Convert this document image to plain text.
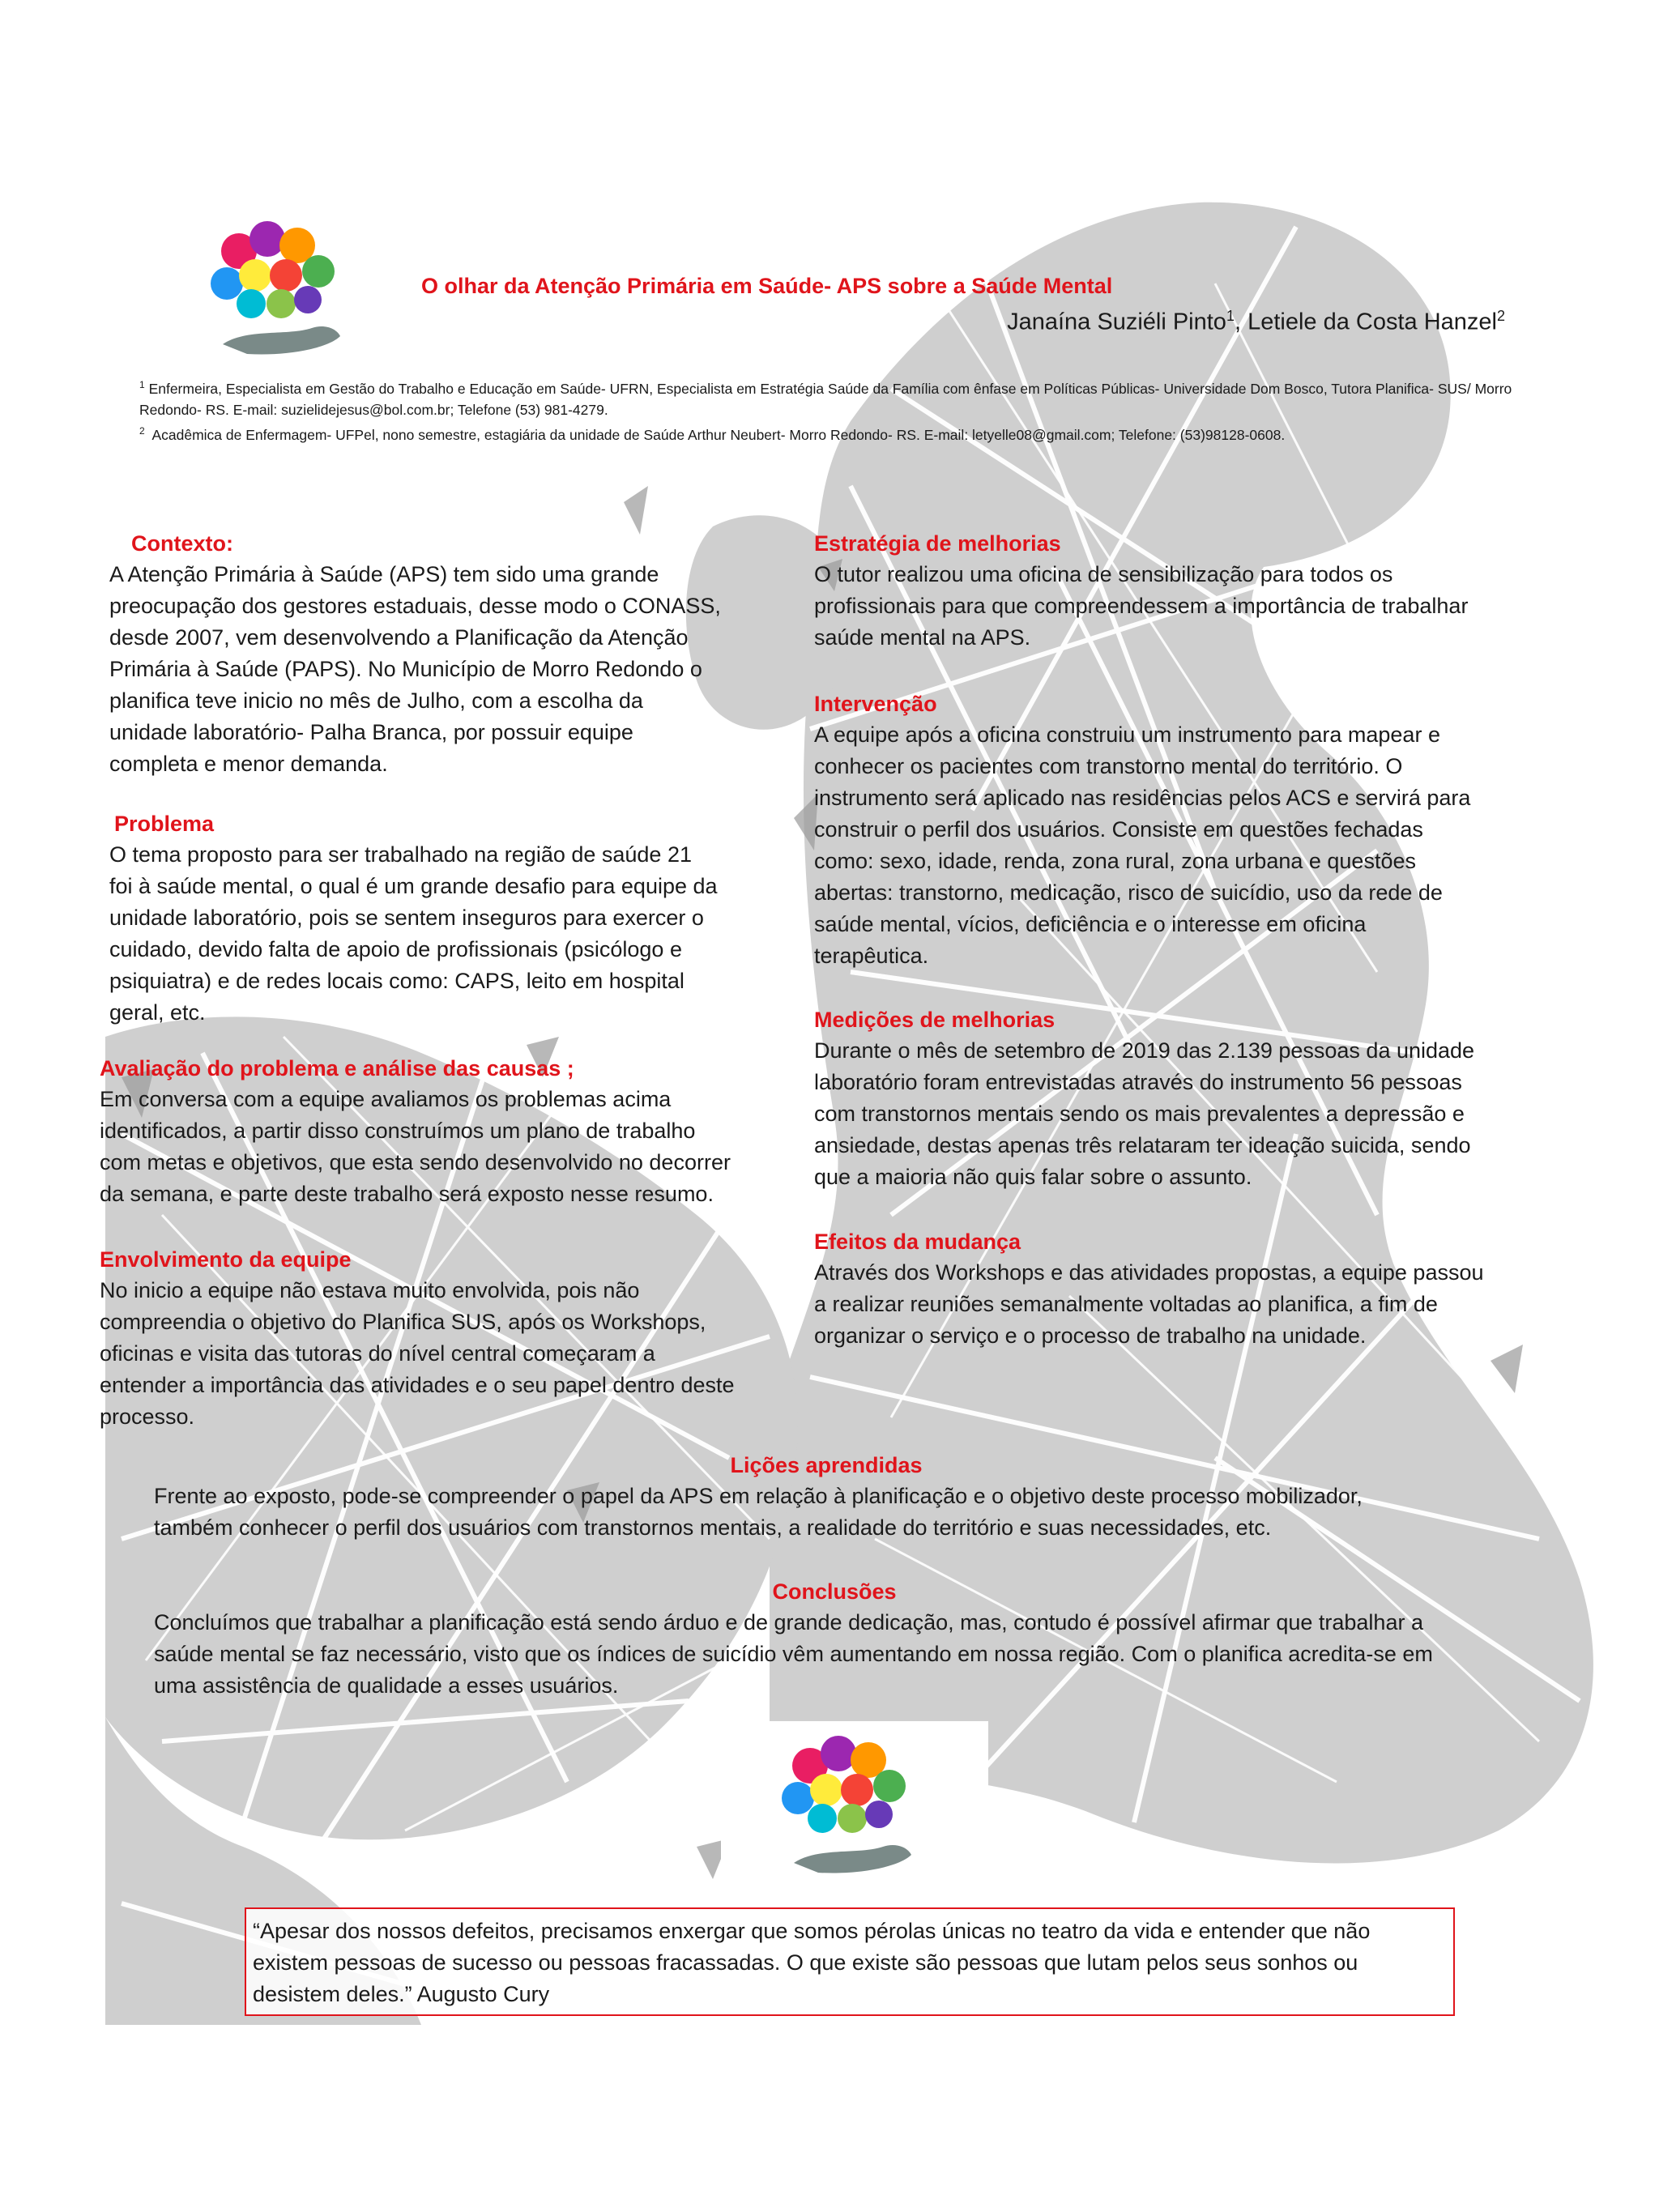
O olhar da Atenção Primária em Saúde- APS sobre a Saúde Mental
Janaína Suziéli Pinto$^1$, Letiele da Costa Hanzel$^2$

$^1$ Enfermeira, Especialista em Gestão do Trabalho e Educação em Saúde- UFRN, Especialista em Estratégia Saúde da Família com ênfase em Políticas Públicas- Universidade Dom Bosco, Tutora Planifica- SUS/ Morro Redondo- RS. E-mail: suzielidejesus@bol.com.br; Telefone (53) 981-4279.

$^2$ Acadêmica de Enfermagem- UFPel, nono semestre, estagiária da unidade de Saúde Arthur Neubert- Morro Redondo- RS. E-mail: letyelle08@gmail.com; Telefone: (53)98128-0608.

Contexto:
A Atenção Primária à Saúde (APS) tem sido uma grande
preocupação dos gestores estaduais, desse modo o CONASS,
desde 2007, vem desenvolvendo a Planificação da Atenção
Primária à Saúde (PAPS). No Município de Morro Redondo o
planifica teve inicio no mês de Julho, com a escolha da
unidade laboratório- Palha Branca, por possuir equipe
completa e menor demanda.
Problema
O tema proposto para ser trabalhado na região de saúde 21
foi à saúde mental, o qual é um grande desafio para equipe da
unidade laboratório, pois se sentem inseguros para exercer o
cuidado, devido falta de apoio de profissionais (psicólogo e
psiquiatra) e de redes locais como: CAPS, leito em hospital
geral, etc.
Avaliação do problema e análise das causas ;
Em conversa com a equipe avaliamos os problemas acima
identificados, a partir disso construímos um plano de trabalho
com metas e objetivos, que esta sendo desenvolvido no decorrer
da semana, e parte deste trabalho será exposto nesse resumo.
Envolvimento da equipe
No inicio a equipe não estava muito envolvida, pois não
compreendia o objetivo do Planifica SUS, após os Workshops,
oficinas e visita das tutoras do nível central começaram a
entender a importância das atividades e o seu papel dentro deste
processo.
Estratégia de melhorias
O tutor realizou uma oficina de sensibilização para todos os
profissionais para que compreendessem a importância de trabalhar
saúde mental na APS.
Intervenção
A equipe após a oficina construiu um instrumento para mapear e
conhecer os pacientes com transtorno mental do território. O
instrumento será aplicado nas residências pelos ACS e servirá para
construir o perfil dos usuários. Consiste em questões fechadas
como: sexo, idade, renda, zona rural, zona urbana e questões
abertas: transtorno, medicação, risco de suicídio, uso da rede de
saúde mental, vícios, deficiência e o interesse em oficina
terapêutica.
Medições de melhorias
Durante o mês de setembro de 2019 das 2.139 pessoas da unidade
laboratório foram entrevistadas através do instrumento 56 pessoas
com transtornos mentais sendo os mais prevalentes a depressão e
ansiedade, destas apenas três relataram ter ideação suicida, sendo
que a maioria não quis falar sobre o assunto.
Efeitos da mudança
Através dos Workshops e das atividades propostas, a equipe passou
a realizar reuniões semanalmente voltadas ao planifica, a fim de
organizar o serviço e o processo de trabalho na unidade.
Lições aprendidas
Frente ao exposto, pode-se compreender o papel da APS em relação à planificação e o objetivo deste processo mobilizador,
também conhecer o perfil dos usuários com transtornos mentais, a realidade do território e suas necessidades, etc.
Conclusões
Concluímos que trabalhar a planificação está sendo árduo e de grande dedicação, mas, contudo é possível afirmar que trabalhar a
saúde mental se faz necessário, visto que os índices de suicídio vêm aumentando em nossa região. Com o planifica acredita-se em
uma assistência de qualidade a esses usuários.
“Apesar dos nossos defeitos, precisamos enxergar que somos pérolas únicas no teatro da vida e entender que não
existem pessoas de sucesso ou pessoas fracassadas. O que existe são pessoas que lutam pelos seus sonhos ou
desistem deles.” Augusto Cury
